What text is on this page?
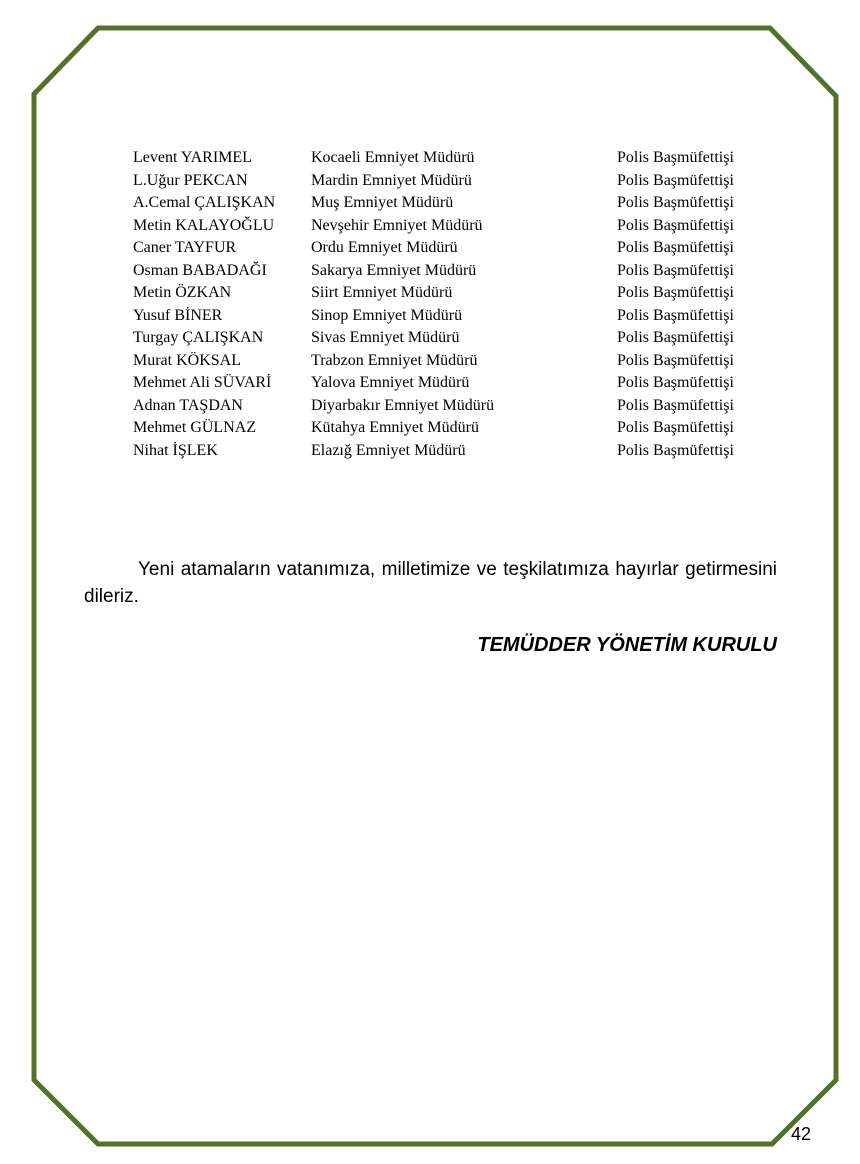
Levent YARIMEL	Kocaeli Emniyet Müdürü	Polis Başmüfettişi
L.Uğur PEKCAN	Mardin Emniyet Müdürü	Polis Başmüfettişi
A.Cemal ÇALIŞKAN	Muş Emniyet Müdürü	Polis Başmüfettişi
Metin KALAYOĞLU	Nevşehir Emniyet Müdürü	Polis Başmüfettişi
Caner TAYFUR	Ordu Emniyet Müdürü	Polis Başmüfettişi
Osman BABADAĞI	Sakarya Emniyet Müdürü	Polis Başmüfettişi
Metin ÖZKAN	Siirt Emniyet Müdürü	Polis Başmüfettişi
Yusuf BİNER	Sinop Emniyet Müdürü	Polis Başmüfettişi
Turgay ÇALIŞKAN	Sivas Emniyet Müdürü	Polis Başmüfettişi
Murat KÖKSAL	Trabzon Emniyet Müdürü	Polis Başmüfettişi
Mehmet Ali SÜVARİ	Yalova Emniyet Müdürü	Polis Başmüfettişi
Adnan TAŞDAN	Diyarbakır Emniyet Müdürü	Polis Başmüfettişi
Mehmet GÜLNAZ	Kütahya Emniyet Müdürü	Polis Başmüfettişi
Nihat İŞLEK	Elazığ Emniyet Müdürü	Polis Başmüfettişi

Yeni atamaların vatanımıza, milletimize ve teşkilatımıza hayırlar getirmesini dileriz.

TEMÜDDER YÖNETİM KURULU

42
